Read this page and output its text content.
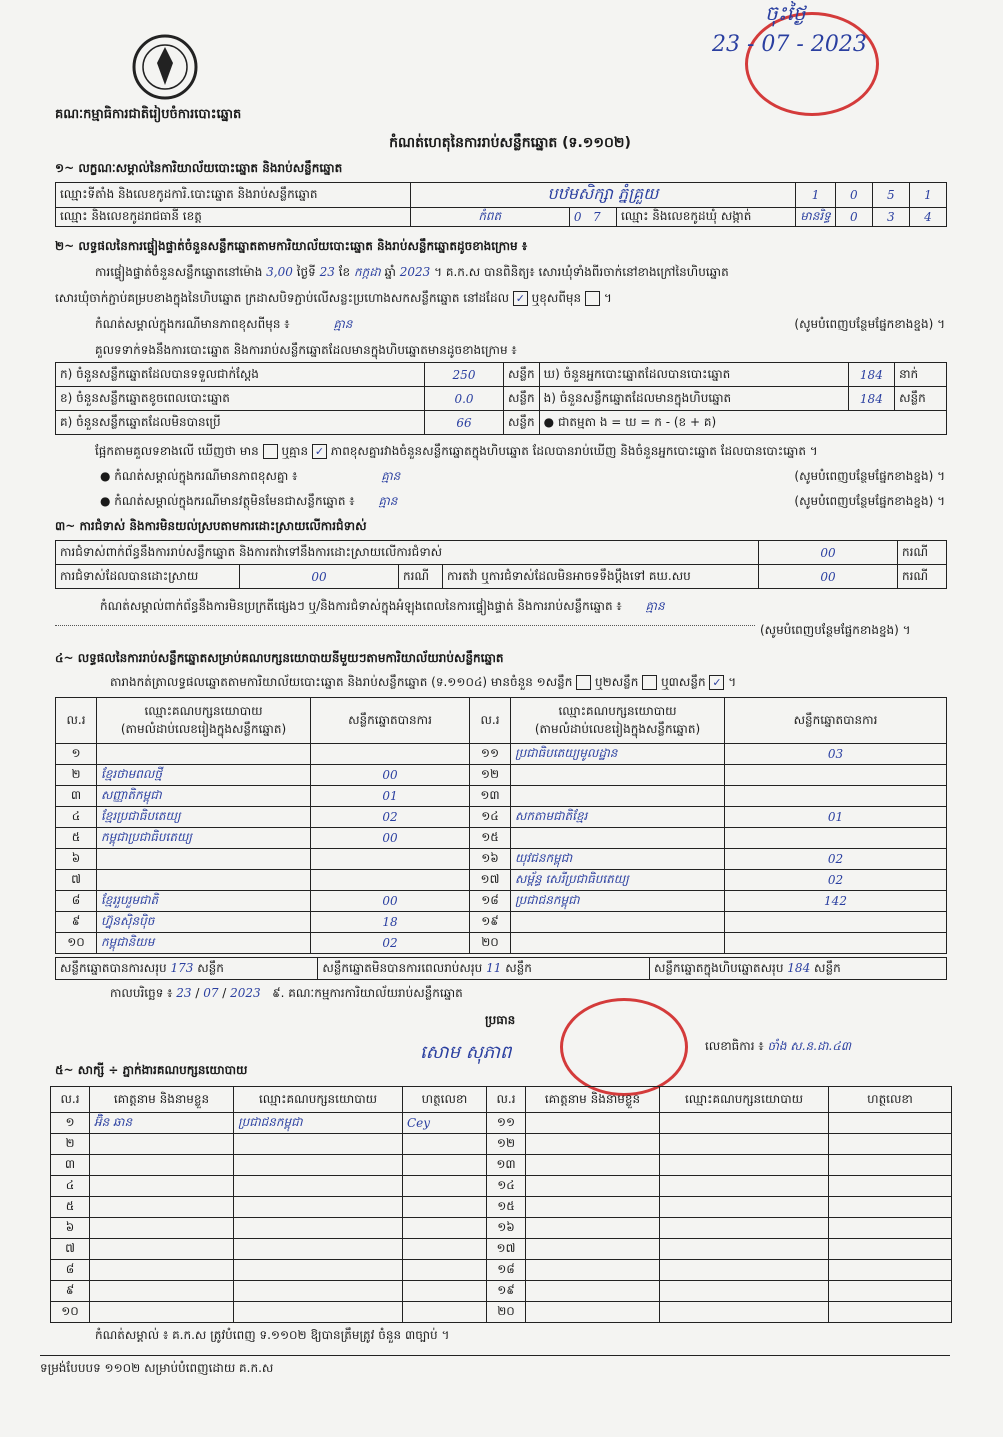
ចុះថ្ងៃ
23 - 07 - 2023
គណៈកម្មាធិការជាតិរៀបចំការបោះឆ្នោត
កំណត់ហេតុនៃការរាប់សន្លឹកឆ្នោត (ទ.១១០២)
១~ លក្ខណៈសម្គាល់នៃការិយាល័យបោះឆ្នោត និងរាប់សន្លឹកឆ្នោត
ឈ្មោះទីតាំង និងលេខកូដការិ.បោះឆ្នោត និងរាប់សន្លឹកឆ្នោត	បឋមសិក្សា ភ្នំគ្រួយ			1	0	5	1
ឈ្មោះ និងលេខកូដរាជធានី ខេត្ត	កំពត	0 7	ឈ្មោះ និងលេខកូដឃុំ សង្កាត់	មានរិទ្ធ	0	3	4
២~ លទ្ធផលនៃការផ្ទៀងផ្ទាត់ចំនួនសន្លឹកឆ្នោតតាមការិយាល័យបោះឆ្នោត និងរាប់សន្លឹកឆ្នោតដូចខាងក្រោម ៖
ការផ្ទៀងផ្ទាត់ចំនួនសន្លឹកឆ្នោតនៅម៉ោង 3,00 ថ្ងៃទី 23 ខែ កក្កដា ឆ្នាំ 2023 ។ គ.ក.ស បានពិនិត្យ៖ សោរឃុំទាំងពីរចាក់នៅខាងក្រៅនៃហិបឆ្នោត
សោរឃុំចាក់ភ្ជាប់គម្របខាងក្នុងនៃហិបឆ្នោត ក្រដាសបិទភ្ជាប់លើសន្លះប្រហោងសកសន្លឹកឆ្នោត នៅដដែល ✓ ឬខុសពីមុន  ។
កំណត់សម្គាល់ក្នុងករណីមានភាពខុសពីមុន ៖	គ្មាន	(សូមបំពេញបន្ថែមផ្នែកខាងខ្នង) ។
គួលទទាក់ទងនឹងការបោះឆ្នោត និងការរាប់សន្លឹកឆ្នោតដែលមានក្នុងហិបឆ្នោតមានដូចខាងក្រោម ៖
ក) ចំនួនសន្លឹកឆ្នោតដែលបានទទួលជាក់ស្តែង	250	សន្លឹក	ឃ) ចំនួនអ្នកបោះឆ្នោតដែលបានបោះឆ្នោត	184	នាក់
ខ) ចំនួនសន្លឹកឆ្នោតខូចពេលបោះឆ្នោត	0.0	សន្លឹក	ង) ចំនួនសន្លឹកឆ្នោតដែលមានក្នុងហិបឆ្នោត	184	សន្លឹក
គ) ចំនួនសន្លឹកឆ្នោតដែលមិនបានប្រើ	66	សន្លឹក	● ជាតម្មតា ង = ឃ = ក - (ខ + គ)		
ផ្អែកតាមគួលទខាងលើ ឃើញថា មាន ឬគ្មាន ✓ ភាពខុសគ្នារវាងចំនួនសន្លឹកឆ្នោតក្នុងហិបឆ្នោត ដែលបានរាប់ឃើញ និងចំនួនអ្នកបោះឆ្នោត ដែលបានបោះឆ្នោត ។
● កំណត់សម្គាល់ក្នុងករណីមានភាពខុសគ្នា ៖	គ្មាន	(សូមបំពេញបន្ថែមផ្នែកខាងខ្នង) ។
● កំណត់សម្គាល់ក្នុងករណីមានវត្ថុមិនមែនជាសន្លឹកឆ្នោត ៖ គ្មាន	(សូមបំពេញបន្ថែមផ្នែកខាងខ្នង) ។
៣~ ការជំទាស់ និងការមិនយល់ស្របតាមការដោះស្រាយលើការជំទាស់
ការជំទាស់ពាក់ព័ន្ធនឹងការរាប់សន្លឹកឆ្នោត និងការតវ៉ាទៅនឹងការដោះស្រាយលើការជំទាស់				00	ករណី
ការជំទាស់ដែលបានដោះស្រាយ	00	ករណី	ការតវ៉ា ឬការជំទាស់ដែលមិនអាចទទឹងប្តឹងទៅ គឃ.សប	00	ករណី
កំណត់សម្គាល់ពាក់ព័ន្ធនឹងការមិនប្រក្រតីផ្សេងៗ ឬ/និងការជំទាស់ក្នុងអំឡុងពេលនៃការផ្ទៀងផ្ទាត់ និងការរាប់សន្លឹកឆ្នោត ៖ គ្មាន
(សូមបំពេញបន្ថែមផ្នែកខាងខ្នង) ។
៤~ លទ្ធផលនៃការរាប់សន្លឹកឆ្នោតសម្រាប់គណបក្សនយោបាយនីមួយៗតាមការិយាល័យរាប់សន្លឹកឆ្នោត
តារាងកត់ត្រាលទ្ធផលឆ្នោតតាមការិយាល័យបោះឆ្នោត និងរាប់សន្លឹកឆ្នោត (ទ.១១០៤) មានចំនួន ១សន្លឹក ឬ២សន្លឹក ឬ៣សន្លឹក ✓ ។
ល.រ	ឈ្មោះគណបក្សនយោបាយ
(តាមលំដាប់លេខរៀងក្នុងសន្លឹកឆ្នោត)	សន្លឹកឆ្នោតបានការ	ល.រ	ឈ្មោះគណបក្សនយោបាយ
(តាមលំដាប់លេខរៀងក្នុងសន្លឹកឆ្នោត)	សន្លឹកឆ្នោតបានការ
១			១១	ប្រជាធិបតេយ្យមូលដ្ឋាន	03
២	ខ្មែរថាមពលថ្មី	00	១២		
៣	សញ្ញាតិកម្ពុជា	01	១៣		
៤	ខ្មែរប្រជាធិបតេយ្យ	02	១៤	សកតាមជាតិខ្មែរ	01
៥	កម្ពុជាប្រជាធិបតេយ្យ	00	១៥		
៦			១៦	យុវជនកម្ពុជា	02
៧			១៧	សម្ព័ន្ធ សេរីប្រជាធិបតេយ្យ	02
៨	ខ្មែររួបរួមជាតិ	00	១៨	ប្រជាជនកម្ពុជា	142
៩	ហ្វ៊ុនស៊ិនប៉ិច	18	១៩		
១០	កម្ពុជានិយម	02	២០		
សន្លឹកឆ្នោតបានការសរុប 173 សន្លឹក	សន្លឹកឆ្នោតមិនបានការពេលរាប់សរុប 11 សន្លឹក	សន្លឹកឆ្នោតក្នុងហិបឆ្នោតសរុប 184 សន្លឹក
កាលបរិច្ឆេទ ៖ 23 / 07 / 2023 ៩. គណៈកម្មការការិយាល័យរាប់សន្លឹកឆ្នោត
ប្រធាន
សោម សុភាព	លេខាធិការ ៖ ចាំង ស.ន.ដា.៤៣
៥~ សាក្សី ÷ ភ្នាក់ងារគណបក្សនយោបាយ
ល.រ	គោត្តនាម និងនាមខ្លួន	ឈ្មោះគណបក្សនយោបាយ	ហត្ថលេខា	ល.រ	គោត្តនាម និងនាមខ្លួន	ឈ្មោះគណបក្សនយោបាយ	ហត្ថលេខា
១	អ៊ិន ឆាន	ប្រជាជនកម្ពុជា	Cey	១១			
២				១២			
៣				១៣			
៤				១៤			
៥				១៥			
៦				១៦			
៧				១៧			
៨				១៨			
៩				១៩			
១០				២០			
កំណត់សម្គាល់ ៖ គ.ក.ស ត្រូវបំពេញ ទ.១១០២ ឱ្យបានត្រឹមត្រូវ ចំនួន ៣ច្បាប់ ។
ទម្រង់បែបបទ ១១០២ សម្រាប់បំពេញដោយ គ.ក.ស
